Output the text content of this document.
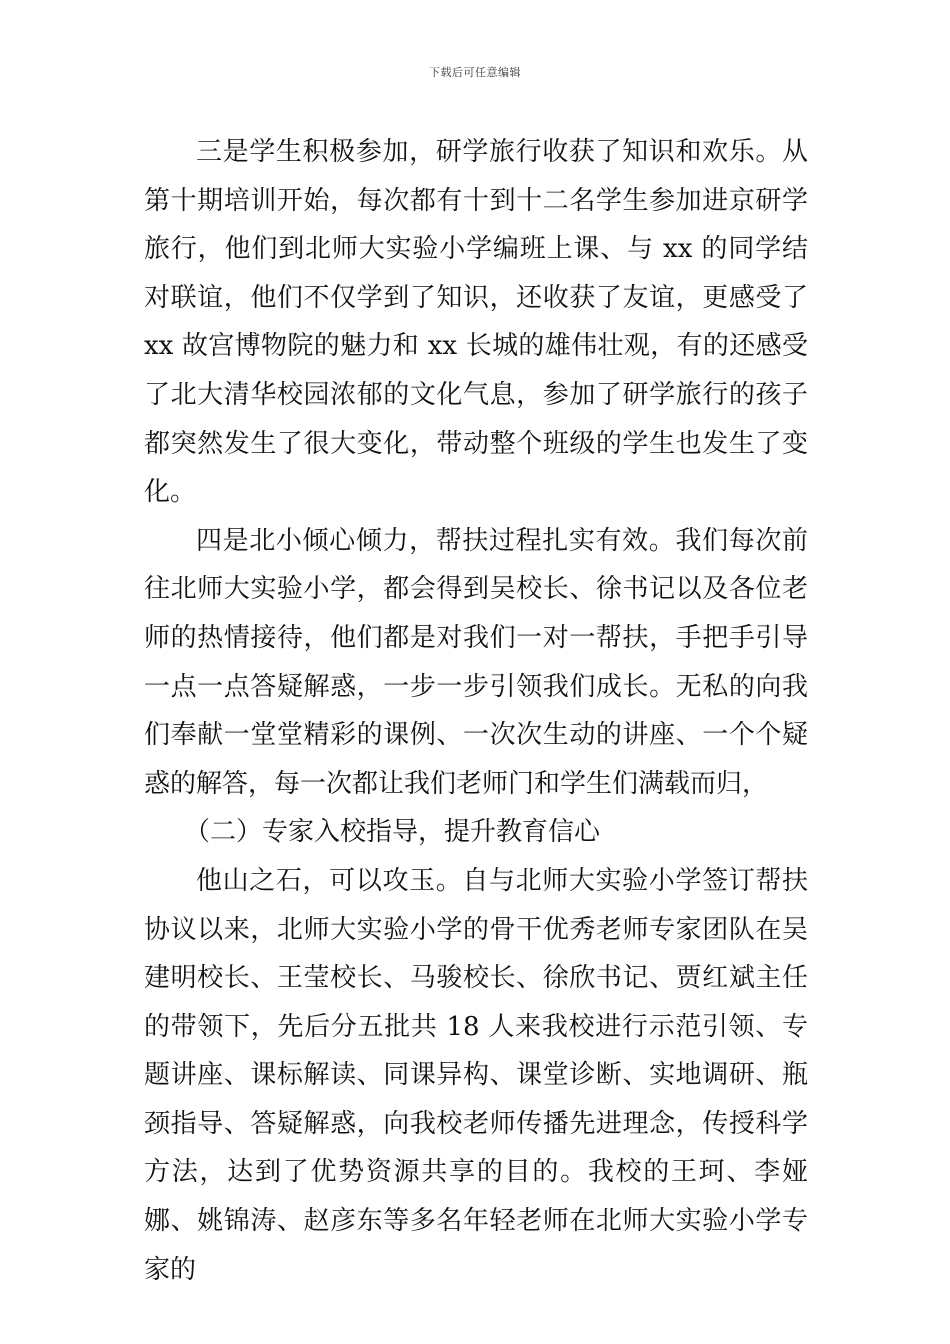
下载后可任意编辑

三是学生积极参加，研学旅行收获了知识和欢乐。从第十期培训开始，每次都有十到十二名学生参加进京研学旅行，他们到北师大实验小学编班上课、与 xx 的同学结对联谊，他们不仅学到了知识，还收获了友谊，更感受了 xx 故宫博物院的魅力和 xx 长城的雄伟壮观，有的还感受了北大清华校园浓郁的文化气息，参加了研学旅行的孩子都突然发生了很大变化，带动整个班级的学生也发生了变化。

四是北小倾心倾力，帮扶过程扎实有效。我们每次前往北师大实验小学，都会得到吴校长、徐书记以及各位老师的热情接待，他们都是对我们一对一帮扶，手把手引导一点一点答疑解惑，一步一步引领我们成长。无私的向我们奉献一堂堂精彩的课例、一次次生动的讲座、一个个疑惑的解答，每一次都让我们老师门和学生们满载而归，

（二）专家入校指导，提升教育信心

他山之石，可以攻玉。自与北师大实验小学签订帮扶协议以来，北师大实验小学的骨干优秀老师专家团队在吴建明校长、王莹校长、马骏校长、徐欣书记、贾红斌主任的带领下，先后分五批共 18 人来我校进行示范引领、专题讲座、课标解读、同课异构、课堂诊断、实地调研、瓶颈指导、答疑解惑，向我校老师传播先进理念，传授科学方法，达到了优势资源共享的目的。我校的王珂、李娅娜、姚锦涛、赵彦东等多名年轻老师在北师大实验小学专家的
